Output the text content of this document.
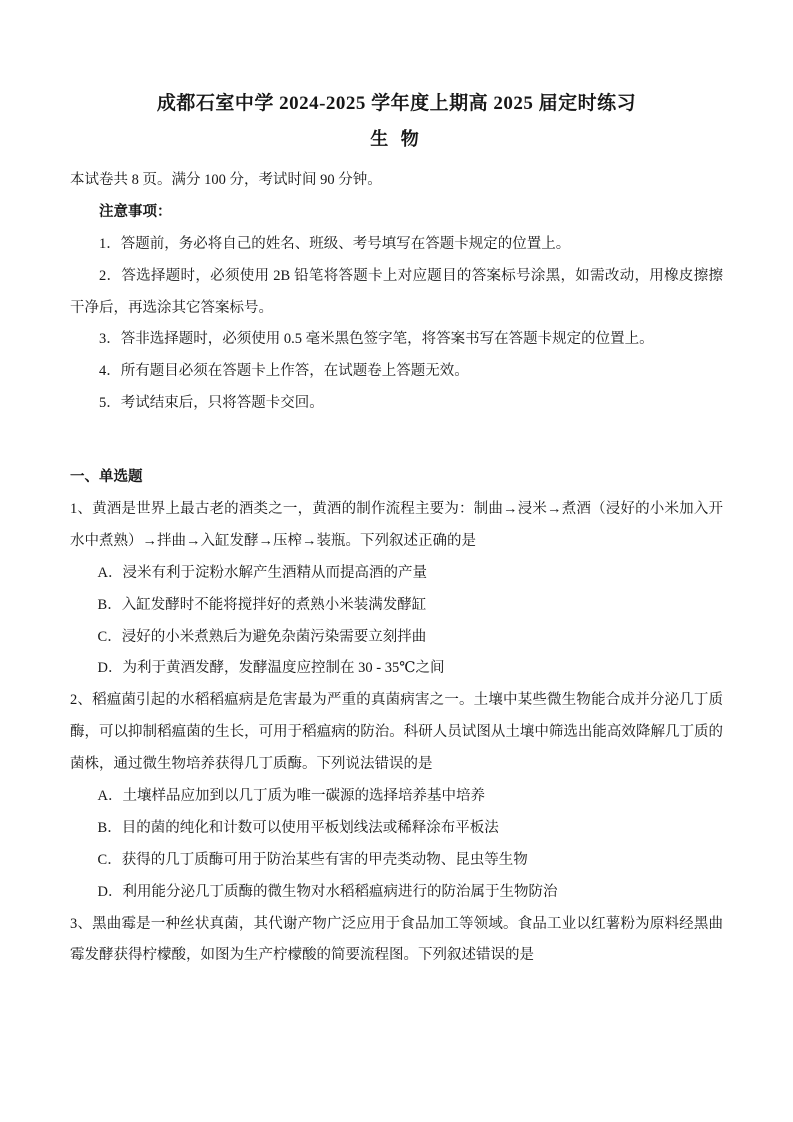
成都石室中学 2024-2025 学年度上期高 2025 届定时练习
生 物

本试卷共 8 页。满分 100 分，考试时间 90 分钟。

注意事项：

1．答题前，务必将自己的姓名、班级、考号填写在答题卡规定的位置上。

2．答选择题时，必须使用 2B 铅笔将答题卡上对应题目的答案标号涂黑，如需改动，用橡皮擦擦干净后，再选涂其它答案标号。

3．答非选择题时，必须使用 0.5 毫米黑色签字笔，将答案书写在答题卡规定的位置上。

4．所有题目必须在答题卡上作答，在试题卷上答题无效。

5．考试结束后，只将答题卡交回。

一、单选题

1、黄酒是世界上最古老的酒类之一，黄酒的制作流程主要为：制曲→浸米→煮酒（浸好的小米加入开水中煮熟）→拌曲→入缸发酵→压榨→装瓶。下列叙述正确的是

A．浸米有利于淀粉水解产生酒精从而提高酒的产量

B．入缸发酵时不能将搅拌好的煮熟小米装满发酵缸

C．浸好的小米煮熟后为避免杂菌污染需要立刻拌曲

D．为利于黄酒发酵，发酵温度应控制在 30 - 35℃之间

2、稻瘟菌引起的水稻稻瘟病是危害最为严重的真菌病害之一。土壤中某些微生物能合成并分泌几丁质酶，可以抑制稻瘟菌的生长，可用于稻瘟病的防治。科研人员试图从土壤中筛选出能高效降解几丁质的菌株，通过微生物培养获得几丁质酶。下列说法错误的是

A．土壤样品应加到以几丁质为唯一碳源的选择培养基中培养

B．目的菌的纯化和计数可以使用平板划线法或稀释涂布平板法

C．获得的几丁质酶可用于防治某些有害的甲壳类动物、昆虫等生物

D．利用能分泌几丁质酶的微生物对水稻稻瘟病进行的防治属于生物防治

3、黑曲霉是一种丝状真菌，其代谢产物广泛应用于食品加工等领域。食品工业以红薯粉为原料经黑曲霉发酵获得柠檬酸，如图为生产柠檬酸的简要流程图。下列叙述错误的是
